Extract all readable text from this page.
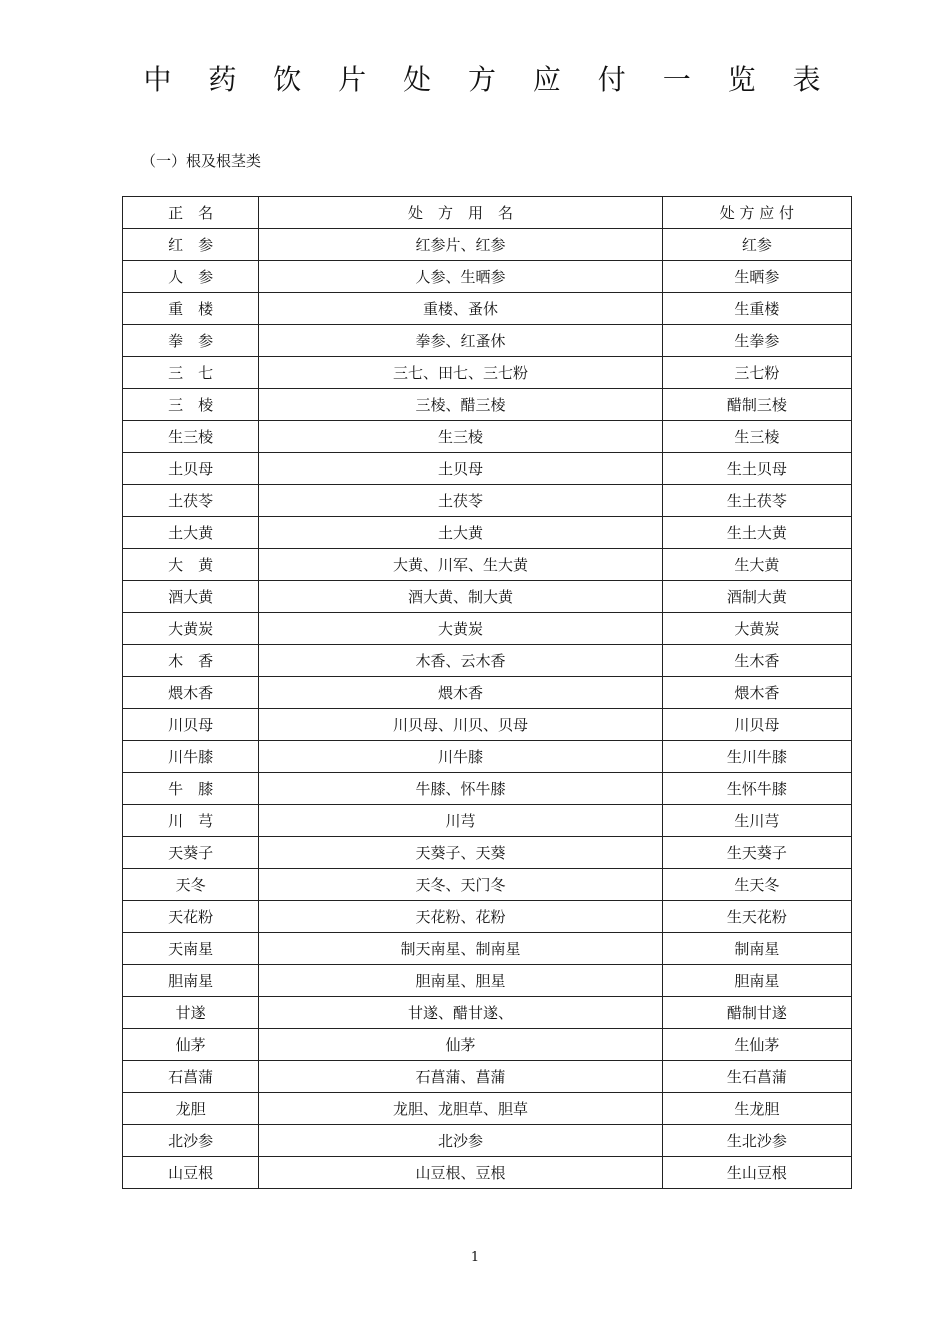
中 药 饮 片 处 方 应 付 一 览 表
（一）根及根茎类
正　名	处　方　用　名	处 方 应 付
红　参	红参片、红参	红参
人　参	人参、生晒参	生晒参
重　楼	重楼、蚤休	生重楼
拳　参	拳参、红蚤休	生拳参
三　七	三七、田七、三七粉	三七粉
三　棱	三棱、醋三棱	醋制三棱
生三棱	生三棱	生三棱
土贝母	土贝母	生土贝母
土茯苓	土茯苓	生土茯苓
土大黄	土大黄	生土大黄
大　黄	大黄、川军、生大黄	生大黄
酒大黄	酒大黄、制大黄	酒制大黄
大黄炭	大黄炭	大黄炭
木　香	木香、云木香	生木香
煨木香	煨木香	煨木香
川贝母	川贝母、川贝、贝母	川贝母
川牛膝	川牛膝	生川牛膝
牛　膝	牛膝、怀牛膝	生怀牛膝
川　芎	川芎	生川芎
天葵子	天葵子、天葵	生天葵子
天冬	天冬、天门冬	生天冬
天花粉	天花粉、花粉	生天花粉
天南星	制天南星、制南星	制南星
胆南星	胆南星、胆星	胆南星
甘遂	甘遂、醋甘遂、	醋制甘遂
仙茅	仙茅	生仙茅
石菖蒲	石菖蒲、菖蒲	生石菖蒲
龙胆	龙胆、龙胆草、胆草	生龙胆
北沙参	北沙参	生北沙参
山豆根	山豆根、豆根	生山豆根
1
